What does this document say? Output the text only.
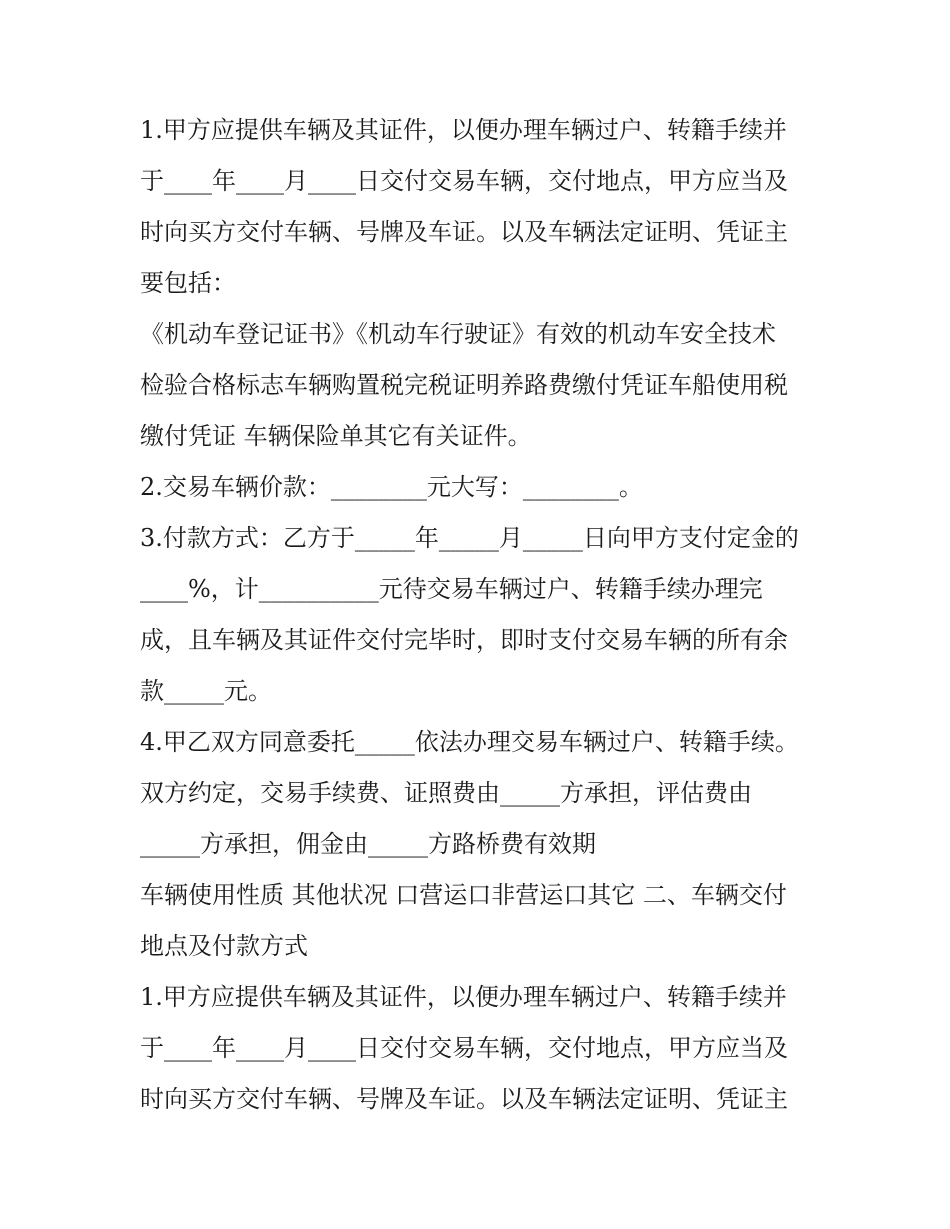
1.甲方应提供车辆及其证件，以便办理车辆过户、转籍手续并
于____年____月____日交付交易车辆，交付地点，甲方应当及
时向买方交付车辆、号牌及车证。以及车辆法定证明、凭证主
要包括：
《机动车登记证书》《机动车行驶证》有效的机动车安全技术
检验合格标志车辆购置税完税证明养路费缴付凭证车船使用税
缴付凭证 车辆保险单其它有关证件。
2.交易车辆价款：________元大写：________。
3.付款方式：乙方于_____年_____月_____日向甲方支付定金的
____%，计__________元待交易车辆过户、转籍手续办理完
成，且车辆及其证件交付完毕时，即时支付交易车辆的所有余
款_____元。
4.甲乙双方同意委托_____依法办理交易车辆过户、转籍手续。
双方约定，交易手续费、证照费由_____方承担，评估费由
_____方承担，佣金由_____方路桥费有效期
车辆使用性质 其他状况 口营运口非营运口其它 二、车辆交付
地点及付款方式
1.甲方应提供车辆及其证件，以便办理车辆过户、转籍手续并
于____年____月____日交付交易车辆，交付地点，甲方应当及
时向买方交付车辆、号牌及车证。以及车辆法定证明、凭证主
